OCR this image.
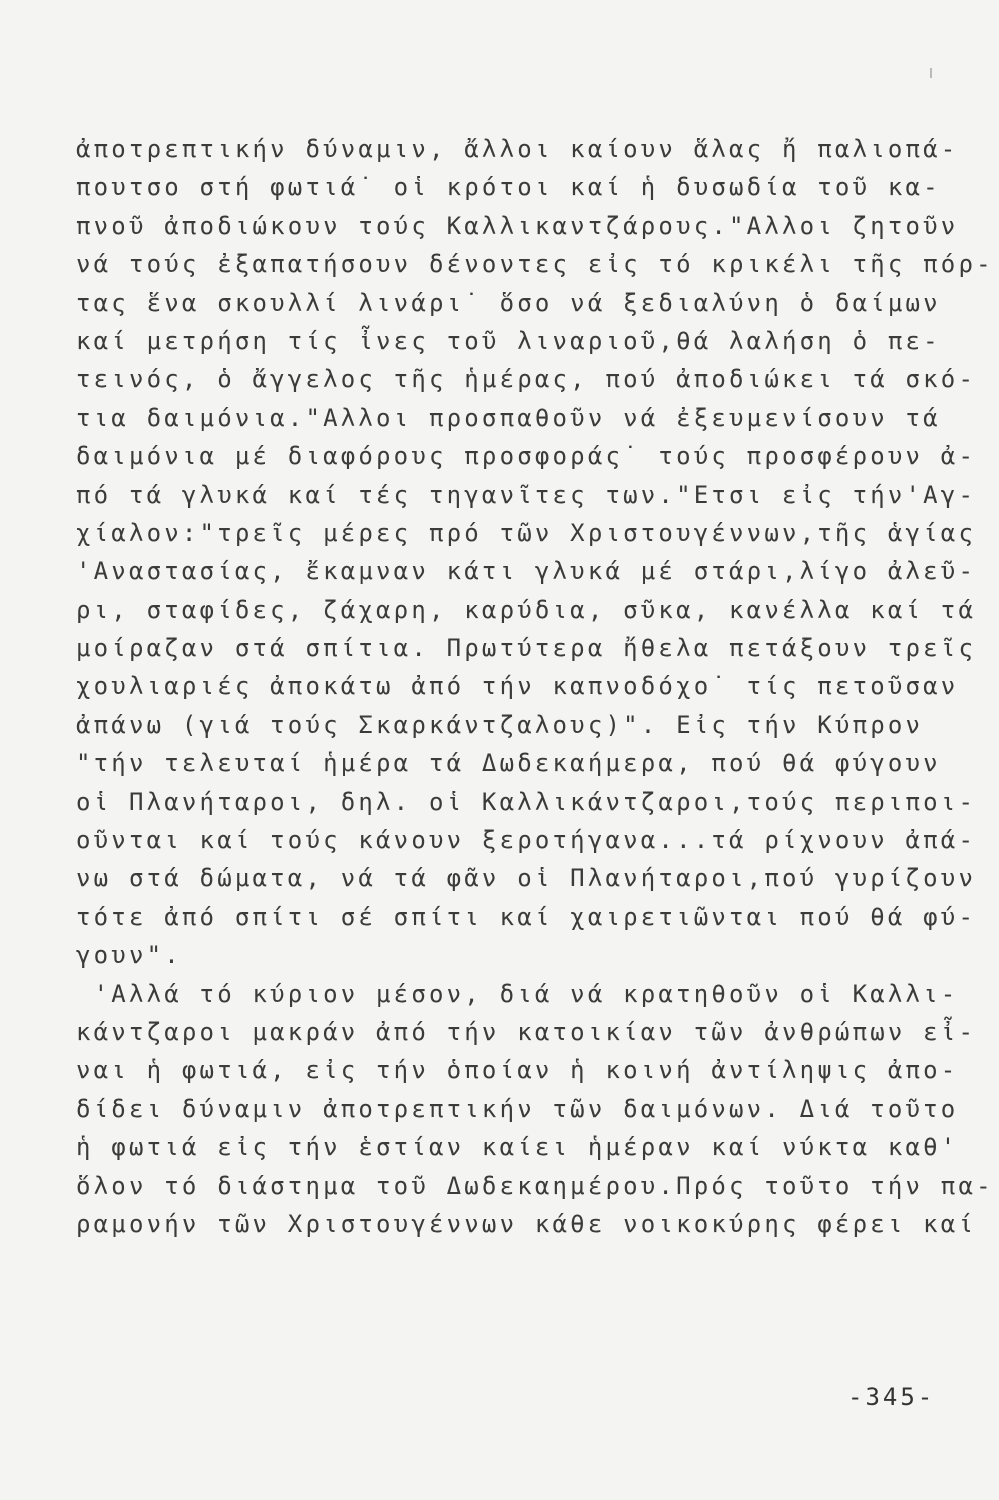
ἀποτρεπτικήν δύναμιν, ἄλλοι καίουν ἅλας ἤ παλιοπά-
πουτσο στή φωτιά˙ οἱ κρότοι καί ἡ δυσωδία τοῦ κα-
πνοῦ ἀποδιώκουν τούς Καλλικαντζάρους."Αλλοι ζητοῦν
νά τούς ἐξαπατήσουν δένοντες εἰς τό κρικέλι τῆς πόρ-
τας ἕνα σκουλλί λινάρι˙ ὅσο νά ξεδιαλύνη ὁ δαίμων
καί μετρήση τίς ἶνες τοῦ λιναριοῦ,θά λαλήση ὁ πε-
τεινός, ὁ ἄγγελος τῆς ἡμέρας, πού ἀποδιώκει τά σκό-
τια δαιμόνια."Αλλοι προσπαθοῦν νά ἐξευμενίσουν τά
δαιμόνια μέ διαφόρους προσφοράς˙ τούς προσφέρουν ἀ-
πό τά γλυκά καί τές τηγανῖτες των."Ετσι εἰς τήν'Αγ-
χίαλον:"τρεῖς μέρες πρό τῶν Χριστουγέννων,τῆς ἁγίας
'Αναστασίας, ἔκαμναν κάτι γλυκά μέ στάρι,λίγο ἀλεῦ-
ρι, σταφίδες, ζάχαρη, καρύδια, σῦκα, κανέλλα καί τά
μοίραζαν στά σπίτια. Πρωτύτερα ἤθελα πετάξουν τρεῖς
χουλιαριές ἀποκάτω ἀπό τήν καπνοδόχο˙ τίς πετοῦσαν
ἀπάνω (γιά τούς Σκαρκάντζαλους)". Εἰς τήν Κύπρον
"τήν τελευταί ἡμέρα τά Δωδεκαήμερα, πού θά φύγουν
οἱ Πλανήταροι, δηλ. οἱ Καλλικάντζαροι,τούς περιποι-
οῦνται καί τούς κάνουν ξεροτήγανα...τά ρίχνουν ἀπά-
νω στά δώματα, νά τά φᾶν οἱ Πλανήταροι,πού γυρίζουν
τότε ἀπό σπίτι σέ σπίτι καί χαιρετιῶνται πού θά φύ-
γουν".
'Αλλά τό κύριον μέσον, διά νά κρατηθοῦν οἱ Καλλι-
κάντζαροι μακράν ἀπό τήν κατοικίαν τῶν ἀνθρώπων εἶ-
ναι ἡ φωτιά, εἰς τήν ὁποίαν ἡ κοινή ἀντίληψις ἀπο-
δίδει δύναμιν ἀποτρεπτικήν τῶν δαιμόνων. Διά τοῦτο
ἡ φωτιά εἰς τήν ἑστίαν καίει ἡμέραν καί νύκτα καθ'
ὅλον τό διάστημα τοῦ Δωδεκαημέρου.Πρός τοῦτο τήν πα-
ραμονήν τῶν Χριστουγέννων κάθε νοικοκύρης φέρει καί
-345-
